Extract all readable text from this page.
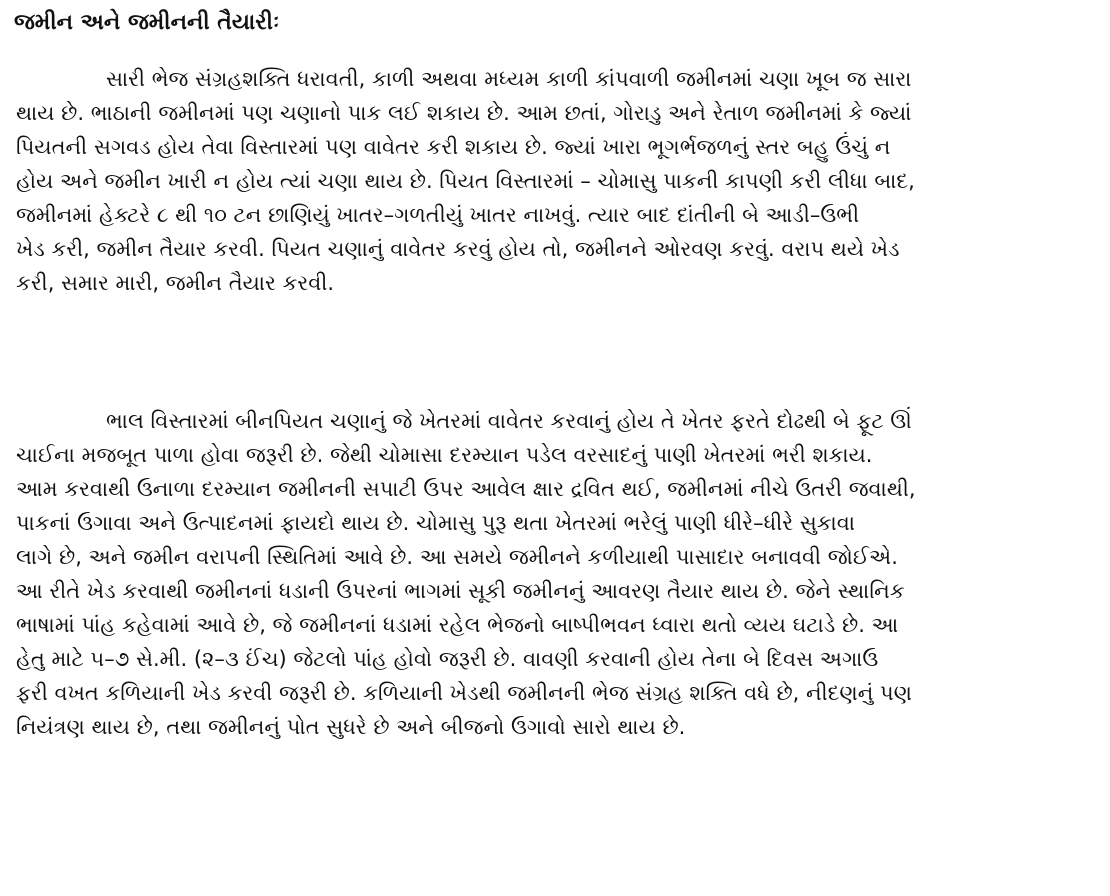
જમીન અને જમીનની તૈયારીઃ
સારી ભેજ સંગ્રહશક્તિ ધરાવતી, કાળી અથવા મધ્યમ કાળી કાંપવાળી જમીનમાં ચણા ખૂબ જ સારા
થાય છે. ભાઠાની જમીનમાં પણ ચણાનો પાક લઈ શકાય છે. આમ છતાં, ગોરાડુ અને રેતાળ જમીનમાં કે જ્યાં
પિયતની સગવડ હોય તેવા વિસ્તારમાં પણ વાવેતર કરી શકાય છે. જ્યાં ખારા ભૂગર્ભજળનું સ્તર બહુ ઉંચું ન
હોય અને જમીન ખારી ન હોય ત્યાં ચણા થાય છે. પિયત વિસ્તારમાં – ચોમાસુ પાકની કાપણી કરી લીધા બાદ,
જમીનમાં હેક્ટરે ૮ થી ૧૦ ટન છાણિયું ખાતર–ગળતીયું ખાતર નાખવું. ત્યાર બાદ દાંતીની બે આડી–ઉભી
ખેડ કરી, જમીન તૈયાર કરવી. પિયત ચણાનું વાવેતર કરવું હોય તો, જમીનને ઓરવણ કરવું. વરાપ થયે ખેડ
કરી, સમાર મારી, જમીન તૈયાર કરવી.
ભાલ વિસ્તારમાં બીનપિયત ચણાનું જે ખેતરમાં વાવેતર કરવાનું હોય તે ખેતર ફરતે દોઢથી બે ફૂટ ઊં
ચાઈના મજબૂત પાળા હોવા જરૂરી છે. જેથી ચોમાસા દરમ્યાન પડેલ વરસાદનું પાણી ખેતરમાં ભરી શકાય.
આમ કરવાથી ઉનાળા દરમ્યાન જમીનની સપાટી ઉપર આવેલ ક્ષાર દ્રવિત થઈ, જમીનમાં નીચે ઉતરી જવાથી,
પાકનાં ઉગાવા અને ઉત્પાદનમાં ફાયદો થાય છે. ચોમાસુ પુરૂ થતા ખેતરમાં ભરેલું પાણી ધીરે–ધીરે સુકાવા
લાગે છે, અને જમીન વરાપની સ્થિતિમાં આવે છે. આ સમયે જમીનને કળીયાથી પાસાદાર બનાવવી જોઈએ.
આ રીતે ખેડ કરવાથી જમીનનાં ધડાની ઉપરનાં ભાગમાં સૂકી જમીનનું આવરણ તૈયાર થાય છે. જેને સ્થાનિક
ભાષામાં પાંહ કહેવામાં આવે છે, જે જમીનનાં ધડામાં રહેલ ભેજનો બાષ્પીભવન ધ્વારા થતો વ્યય ઘટાડે છે. આ
હેતુ માટે ૫–૭ સે.મી. (૨–૩ ઈંચ) જેટલો પાંહ હોવો જરૂરી છે. વાવણી કરવાની હોય તેના બે દિવસ અગાઉ
ફરી વખત કળિયાની ખેડ કરવી જરૂરી છે. કળિયાની ખેડથી જમીનની ભેજ સંગ્રહ શક્તિ વધે છે, નીદણનું પણ
નિયંત્રણ થાય છે, તથા જમીનનું પોત સુધરે છે અને બીજનો ઉગાવો સારો થાય છે.
